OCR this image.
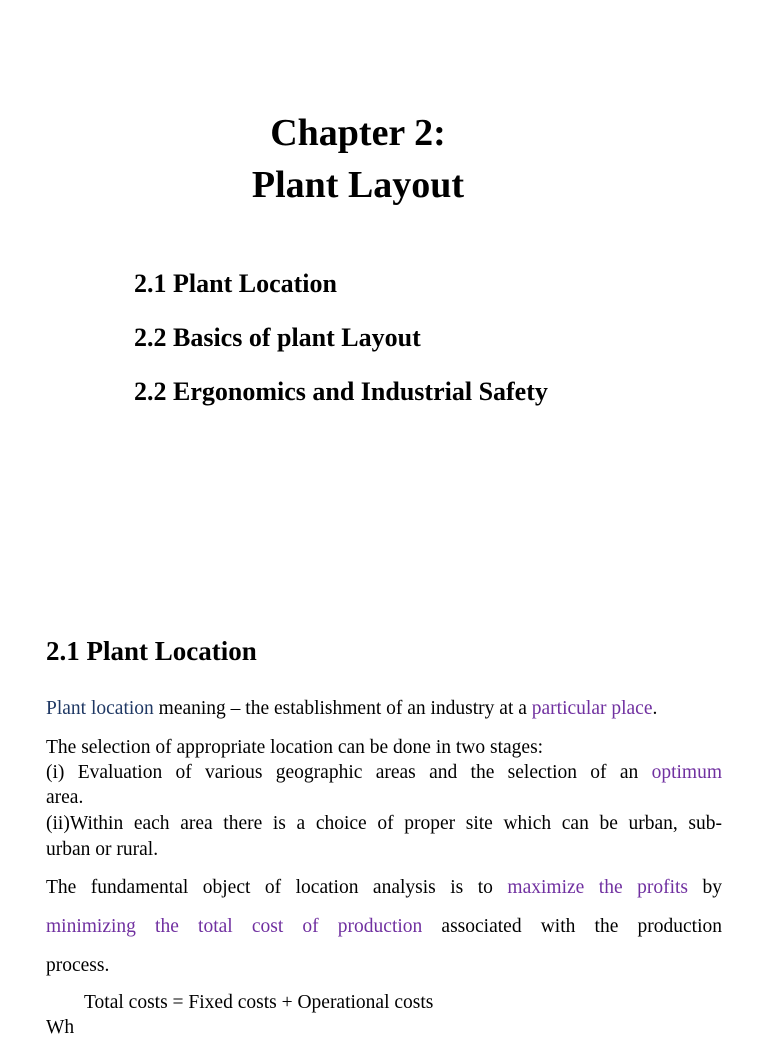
Chapter 2:
Plant Layout
2.1 Plant Location
2.2 Basics of plant Layout
2.2 Ergonomics and Industrial Safety
2.1 Plant Location
Plant location meaning – the establishment of an industry at a particular place.
The selection of appropriate location can be done in two stages:
(i) Evaluation of various geographic areas and the selection of an optimum
area.
(ii)Within each area there is a choice of proper site which can be urban, sub-
urban or rural.
The fundamental object of location analysis is to maximize the profits by
minimizing the total cost of production associated with the production
process.
Total costs = Fixed costs + Operational costs
Wh
